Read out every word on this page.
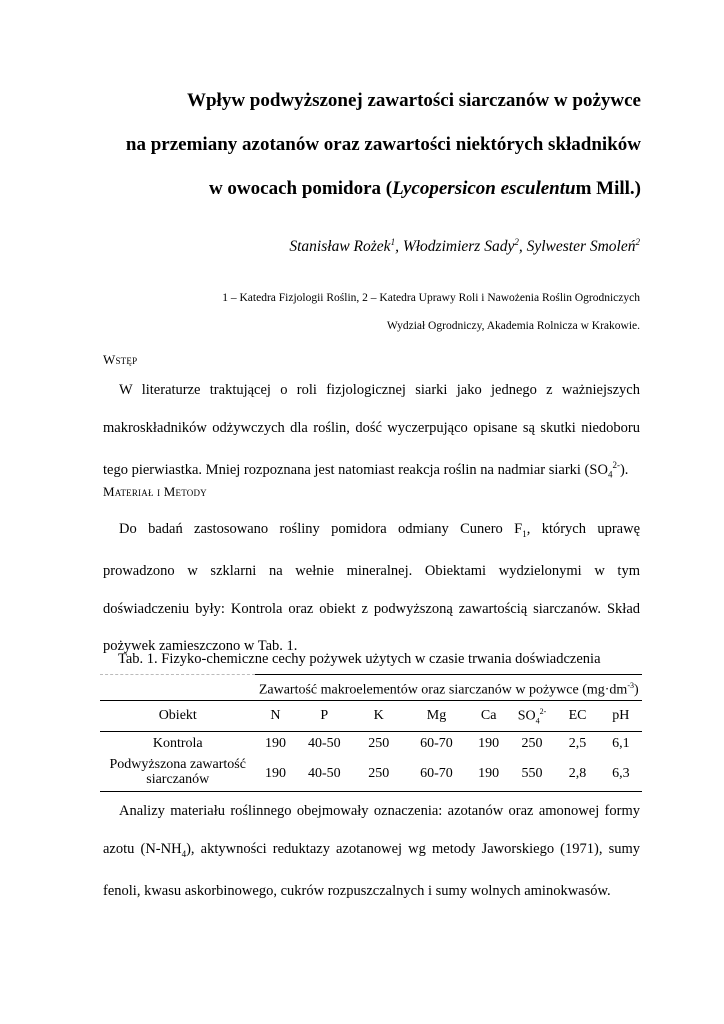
Wpływ podwyższonej zawartości siarczanów w pożywce
na przemiany azotanów oraz zawartości niektórych składników
w owocach pomidora (Lycopersicon esculentum Mill.)
Stanisław Rożek$^1$, Włodzimierz Sady$^2$, Sylwester Smoleń$^2$
1 – Katedra Fizjologii Roślin, 2 – Katedra Uprawy Roli i Nawożenia Roślin Ogrodniczych
Wydział Ogrodniczy, Akademia Rolnicza w Krakowie.
Wstęp

W literaturze traktującej o roli fizjologicznej siarki jako jednego z ważniejszych makroskładników odżywczych dla roślin, dość wyczerpująco opisane są skutki niedoboru tego pierwiastka. Mniej rozpoznana jest natomiast reakcja roślin na nadmiar siarki $(SO_4^{2-})$.

Materiał i Metody

Do badań zastosowano rośliny pomidora odmiany Cunero $F_1$, których uprawę prowadzono w szklarni na wełnie mineralnej. Obiektami wydzielonymi w tym doświadczeniu były: Kontrola oraz obiekt z podwyższoną zawartością siarczanów. Skład pożywek zamieszczono w Tab. 1.

Tab. 1. Fizyko-chemiczne cechy pożywek użytych w czasie trwania doświadczenia
	Zawartość makroelementów oraz siarczanów w pożywce $(mg\cdot dm^{-3})$							
Obiekt	N	P	K	Mg	Ca	$SO_4^{2-}$	EC	pH
Kontrola	190	40-50	250	60-70	190	250	2,5	6,1
Podwyższona zawartość siarczanów	190	40-50	250	60-70	190	550	2,8	6,3

Analizy materiału roślinnego obejmowały oznaczenia: azotanów oraz amonowej formy azotu $(N-NH_4)$, aktywności reduktazy azotanowej wg metody Jaworskiego (1971), sumy fenoli, kwasu askorbinowego, cukrów rozpuszczalnych i sumy wolnych aminokwasów.
